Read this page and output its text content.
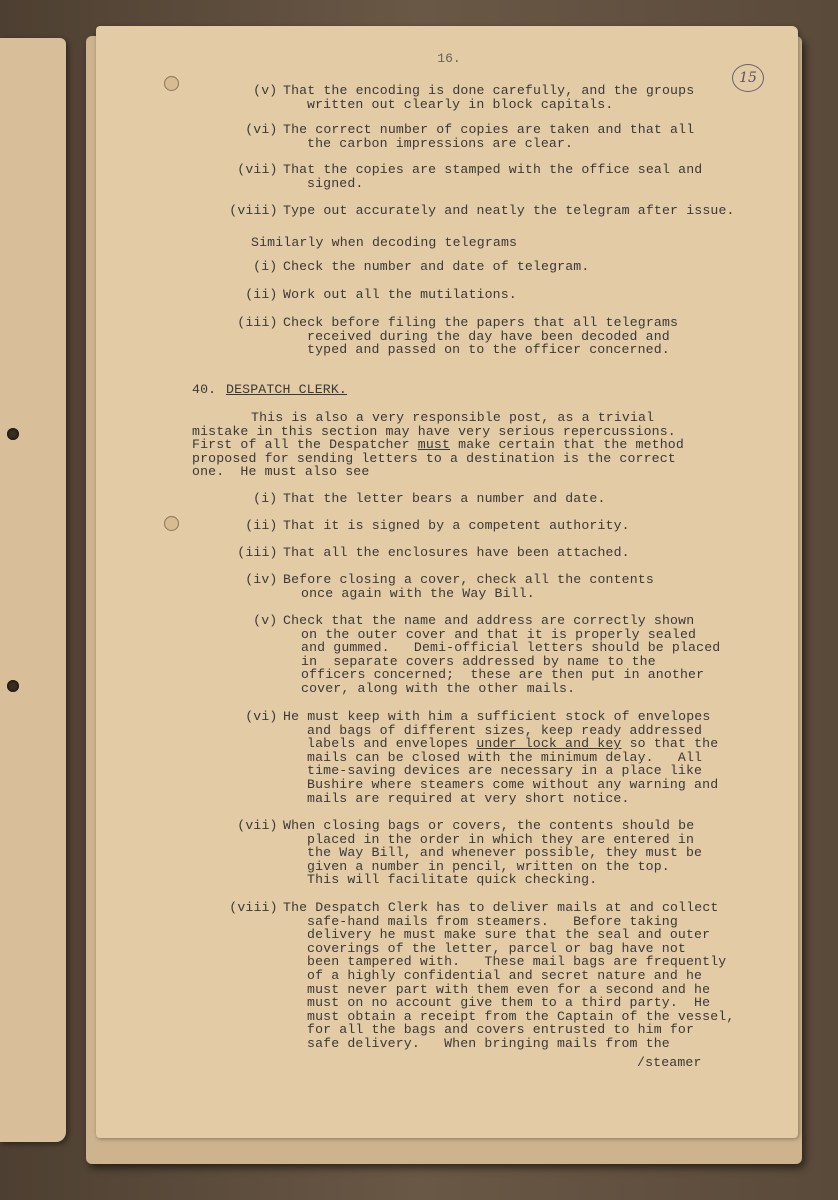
16.
15
(v) That the encoding is done carefully, and the groups
written out clearly in block capitals.
(vi) The correct number of copies are taken and that all
the carbon impressions are clear.
(vii) That the copies are stamped with the office seal and
signed.
(viii) Type out accurately and neatly the telegram after issue.
Similarly when decoding telegrams
(i) Check the number and date of telegram.
(ii) Work out all the mutilations.
(iii) Check before filing the papers that all telegrams
received during the day have been decoded and
typed and passed on to the officer concerned.
40. DESPATCH CLERK.
This is also a very responsible post, as a trivial
mistake in this section may have very serious repercussions.
First of all the Despatcher must make certain that the method
proposed for sending letters to a destination is the correct
one.  He must also see
(i) That the letter bears a number and date.
(ii) That it is signed by a competent authority.
(iii) That all the enclosures have been attached.
(iv) Before closing a cover, check all the contents
once again with the Way Bill.
(v) Check that the name and address are correctly shown
on the outer cover and that it is properly sealed
and gummed.   Demi-official letters should be placed
in  separate covers addressed by name to the
officers concerned;  these are then put in another
cover, along with the other mails.
(vi) He must keep with him a sufficient stock of envelopes
and bags of different sizes, keep ready addressed
labels and envelopes under lock and key so that the
mails can be closed with the minimum delay.   All
time-saving devices are necessary in a place like
Bushire where steamers come without any warning and
mails are required at very short notice.
(vii) When closing bags or covers, the contents should be
placed in the order in which they are entered in
the Way Bill, and whenever possible, they must be
given a number in pencil, written on the top.
This will facilitate quick checking.
(viii) The Despatch Clerk has to deliver mails at and collect
safe-hand mails from steamers.   Before taking
delivery he must make sure that the seal and outer
coverings of the letter, parcel or bag have not
been tampered with.   These mail bags are frequently
of a highly confidential and secret nature and he
must never part with them even for a second and he
must on no account give them to a third party.  He
must obtain a receipt from the Captain of the vessel,
for all the bags and covers entrusted to him for
safe delivery.   When bringing mails from the
/steamer
